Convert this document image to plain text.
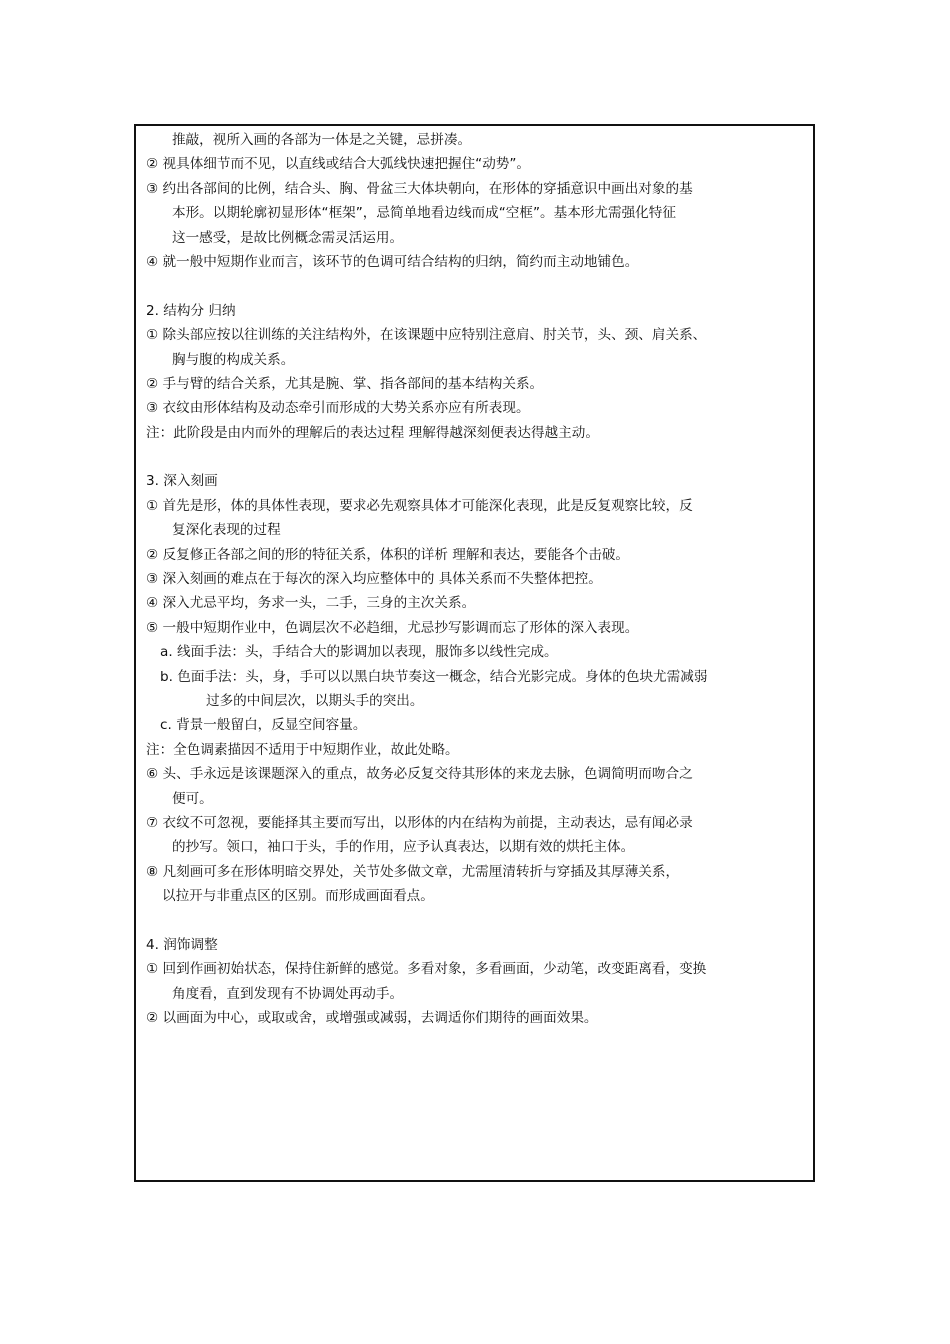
推敲，视所入画的各部为一体是之关键，忌拼凑。
② 视具体细节而不见，以直线或结合大弧线快速把握住“动势”。
③ 约出各部间的比例，结合头、胸、骨盆三大体块朝向，在形体的穿插意识中画出对象的基
本形。以期轮廓初显形体“框架”，忌简单地看边线而成“空框”。基本形尤需强化特征
这一感受，是故比例概念需灵活运用。
④ 就一般中短期作业而言，该环节的色调可结合结构的归纳，简约而主动地铺色。
2. 结构分 归纳
① 除头部应按以往训练的关注结构外，在该课题中应特别注意肩、肘关节，头、颈、肩关系、
胸与腹的构成关系。
② 手与臂的结合关系，尤其是腕、掌、指各部间的基本结构关系。
③ 衣纹由形体结构及动态牵引而形成的大势关系亦应有所表现。
注：此阶段是由内而外的理解后的表达过程 理解得越深刻便表达得越主动。
3. 深入刻画
① 首先是形，体的具体性表现，要求必先观察具体才可能深化表现，此是反复观察比较，反
复深化表现的过程
② 反复修正各部之间的形的特征关系，体积的详析 理解和表达，要能各个击破。
③ 深入刻画的难点在于每次的深入均应整体中的 具体关系而不失整体把控。
④ 深入尤忌平均，务求一头，二手，三身的主次关系。
⑤ 一般中短期作业中，色调层次不必趋细，尤忌抄写影调而忘了形体的深入表现。
a. 线面手法：头，手结合大的影调加以表现，服饰多以线性完成。
b. 色面手法：头，身，手可以以黑白块节奏这一概念，结合光影完成。身体的色块尤需减弱
过多的中间层次，以期头手的突出。
c. 背景一般留白，反显空间容量。
注：全色调素描因不适用于中短期作业，故此处略。
⑥ 头、手永远是该课题深入的重点，故务必反复交待其形体的来龙去脉，色调简明而吻合之
便可。
⑦ 衣纹不可忽视，要能择其主要而写出，以形体的内在结构为前提，主动表达，忌有闻必录
的抄写。领口，袖口于头，手的作用，应予认真表达，以期有效的烘托主体。
⑧ 凡刻画可多在形体明暗交界处，关节处多做文章，尤需厘清转折与穿插及其厚薄关系，
以拉开与非重点区的区别。而形成画面看点。
4. 润饰调整
① 回到作画初始状态，保持住新鲜的感觉。多看对象，多看画面，少动笔，改变距离看，变换
角度看，直到发现有不协调处再动手。
② 以画面为中心，或取或舍，或增强或减弱，去调适你们期待的画面效果。
